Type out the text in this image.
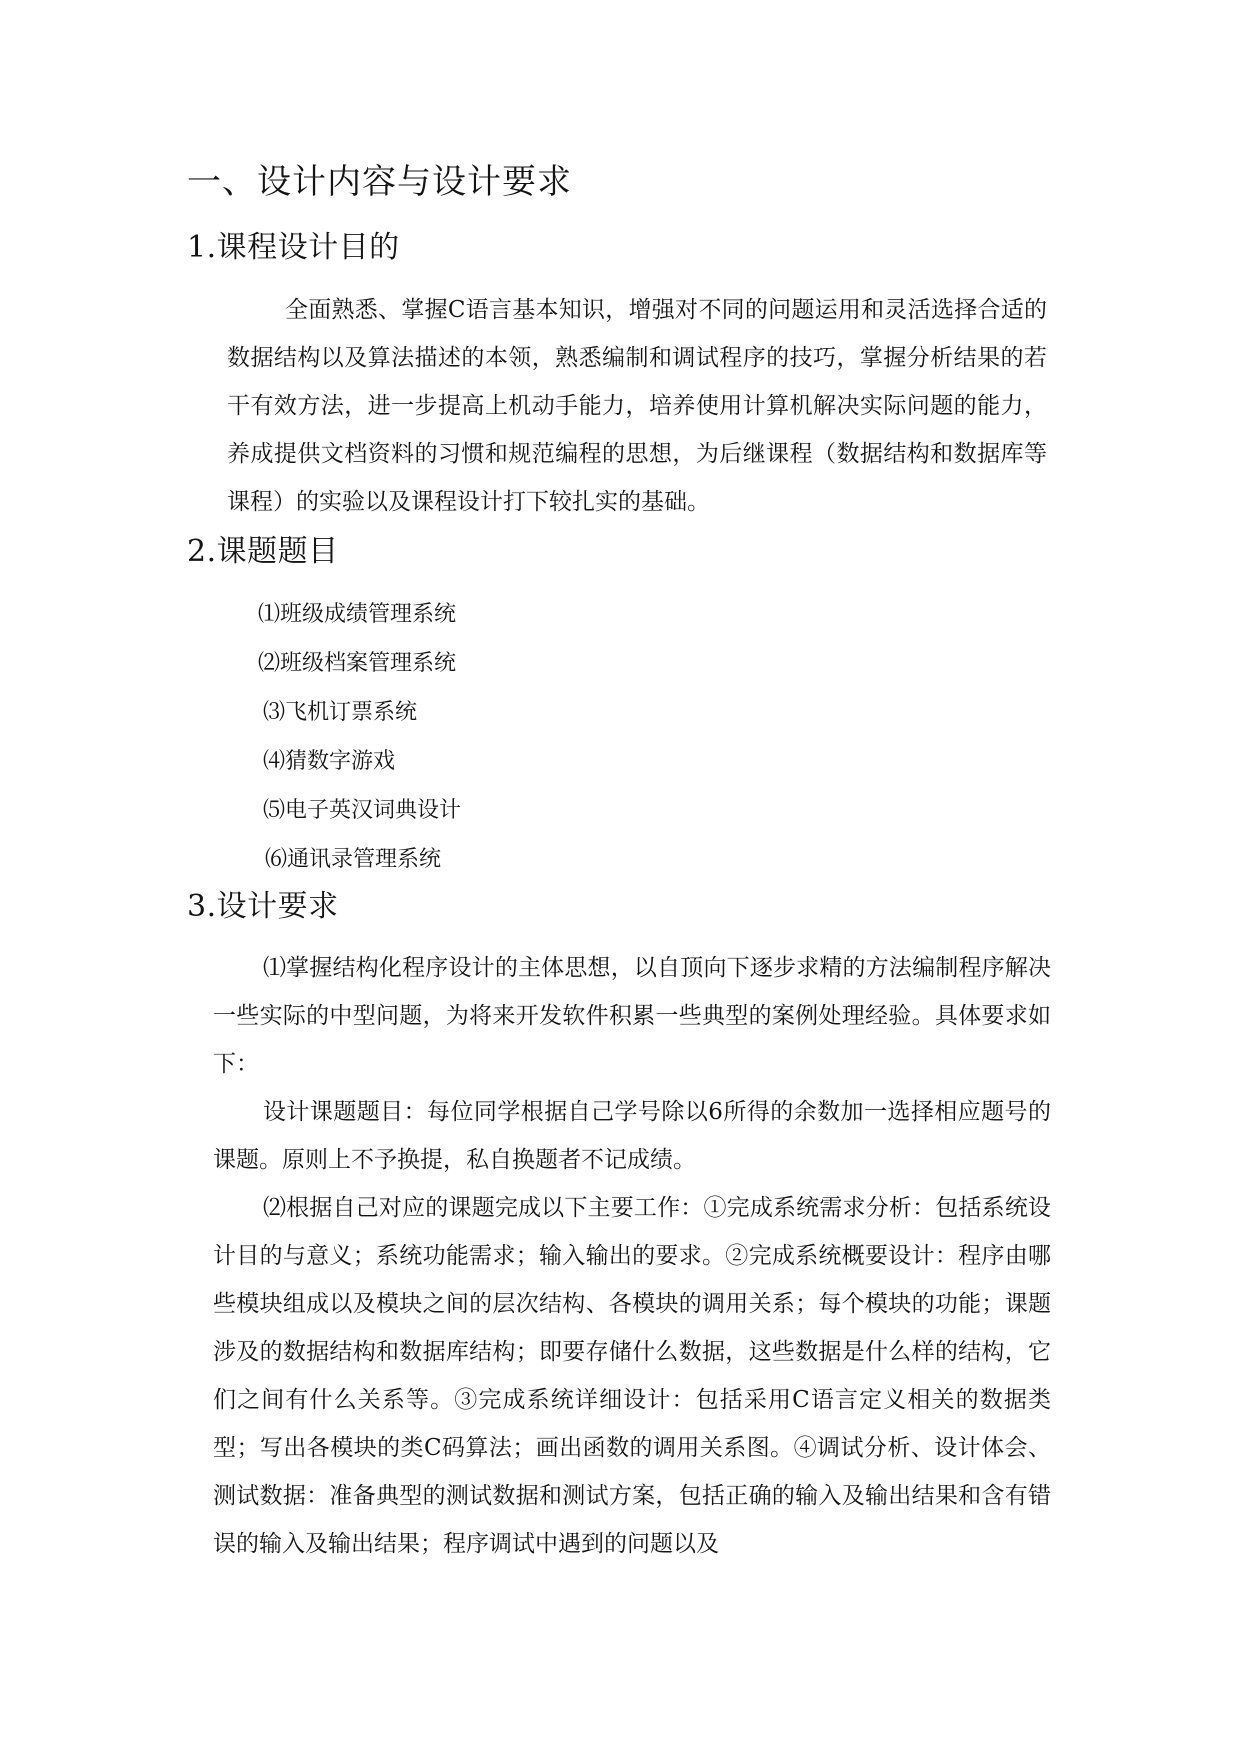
一、设计内容与设计要求
1.课程设计目的

全面熟悉、掌握C语言基本知识，增强对不同的问题运用和灵活选择合适的数据结构以及算法描述的本领，熟悉编制和调试程序的技巧，掌握分析结果的若干有效方法，进一步提高上机动手能力，培养使用计算机解决实际问题的能力，养成提供文档资料的习惯和规范编程的思想，为后继课程（数据结构和数据库等课程）的实验以及课程设计打下较扎实的基础。

2.课题题目
⑴班级成绩管理系统
⑵班级档案管理系统
⑶飞机订票系统
⑷猜数字游戏
⑸电子英汉词典设计
⑹通讯录管理系统
3.设计要求

⑴掌握结构化程序设计的主体思想，以自顶向下逐步求精的方法编制程序解决一些实际的中型问题，为将来开发软件积累一些典型的案例处理经验。具体要求如下：

设计课题题目：每位同学根据自己学号除以6所得的余数加一选择相应题号的课题。原则上不予换提，私自换题者不记成绩。

⑵根据自己对应的课题完成以下主要工作：①完成系统需求分析：包括系统设计目的与意义；系统功能需求；输入输出的要求。②完成系统概要设计：程序由哪些模块组成以及模块之间的层次结构、各模块的调用关系；每个模块的功能；课题涉及的数据结构和数据库结构；即要存储什么数据，这些数据是什么样的结构，它们之间有什么关系等。③完成系统详细设计：包括采用C语言定义相关的数据类型；写出各模块的类C码算法；画出函数的调用关系图。④调试分析、设计体会、测试数据：准备典型的测试数据和测试方案，包括正确的输入及输出结果和含有错误的输入及输出结果；程序调试中遇到的问题以及
